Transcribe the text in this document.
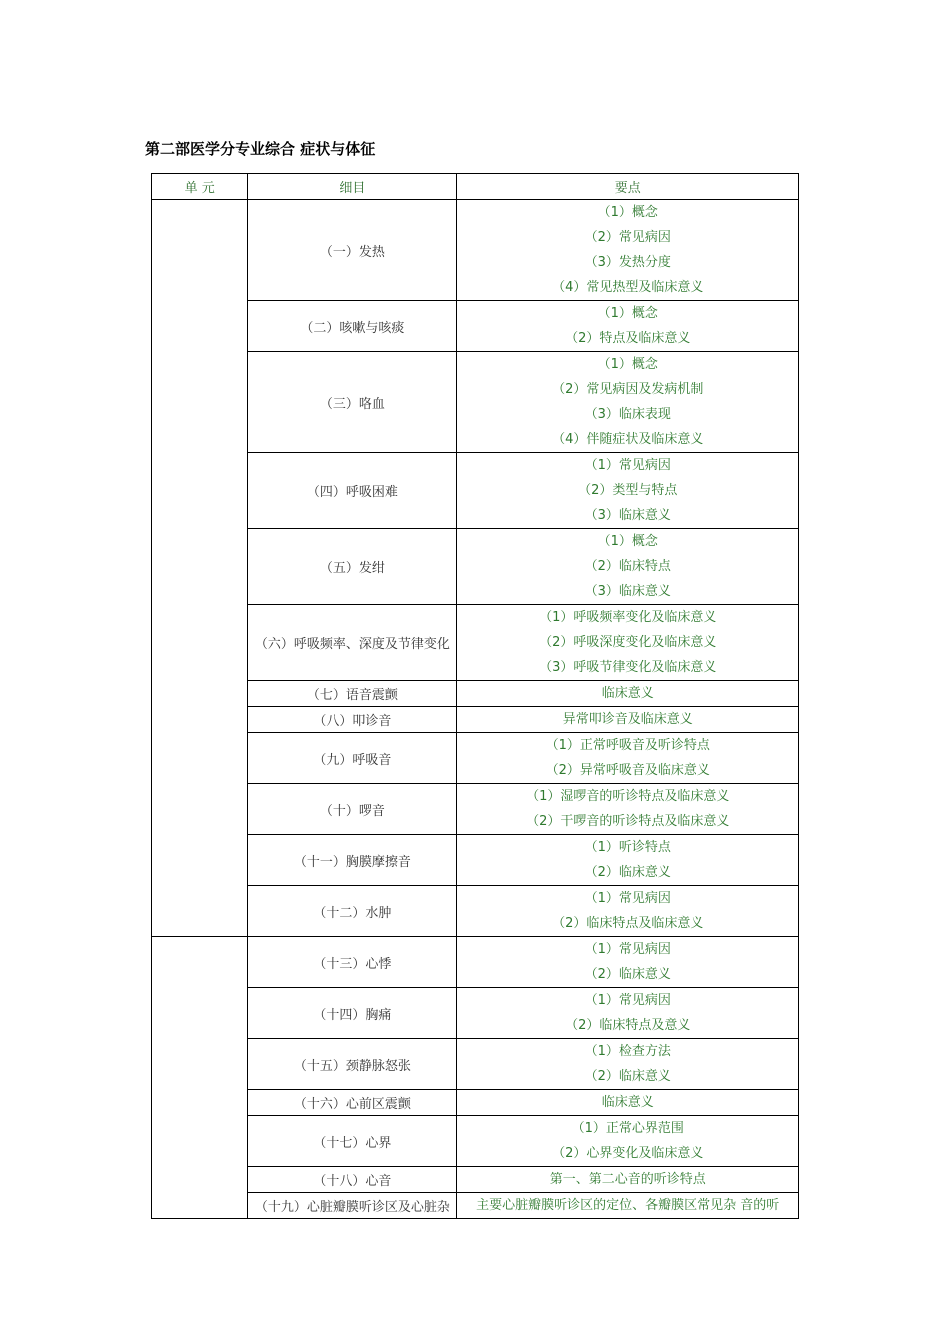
第二部医学分专业综合 症状与体征
单 元	细目	要点
	（一）发热	（1）概念
（2）常见病因
（3）发热分度
（4）常见热型及临床意义

	（二）咳嗽与咳痰	（1）概念
（2）特点及临床意义

	（三）咯血	（1）概念
（2）常见病因及发病机制
（3）临床表现
（4）伴随症状及临床意义

	（四）呼吸困难	（1）常见病因
（2）类型与特点
（3）临床意义

	（五）发绀	（1）概念
（2）临床特点
（3）临床意义

	（六）呼吸频率、深度及节律变化	（1）呼吸频率变化及临床意义
（2）呼吸深度变化及临床意义
（3）呼吸节律变化及临床意义

	（七）语音震颤	临床意义

	（八）叩诊音	异常叩诊音及临床意义

	（九）呼吸音	（1）正常呼吸音及听诊特点
（2）异常呼吸音及临床意义

	（十）啰音	（1）湿啰音的听诊特点及临床意义
（2）干啰音的听诊特点及临床意义

	（十一）胸膜摩擦音	（1）听诊特点
（2）临床意义

	（十二）水肿	（1）常见病因
（2）临床特点及临床意义

	（十三）心悸	（1）常见病因
（2）临床意义

	（十四）胸痛	（1）常见病因
（2）临床特点及意义

	（十五）颈静脉怒张	（1）检查方法
（2）临床意义

	（十六）心前区震颤	临床意义

	（十七）心界	（1）正常心界范围
（2）心界变化及临床意义

	（十八）心音	第一、第二心音的听诊特点

	（十九）心脏瓣膜听诊区及心脏杂	主要心脏瓣膜听诊区的定位、各瓣膜区常见杂 音的听
